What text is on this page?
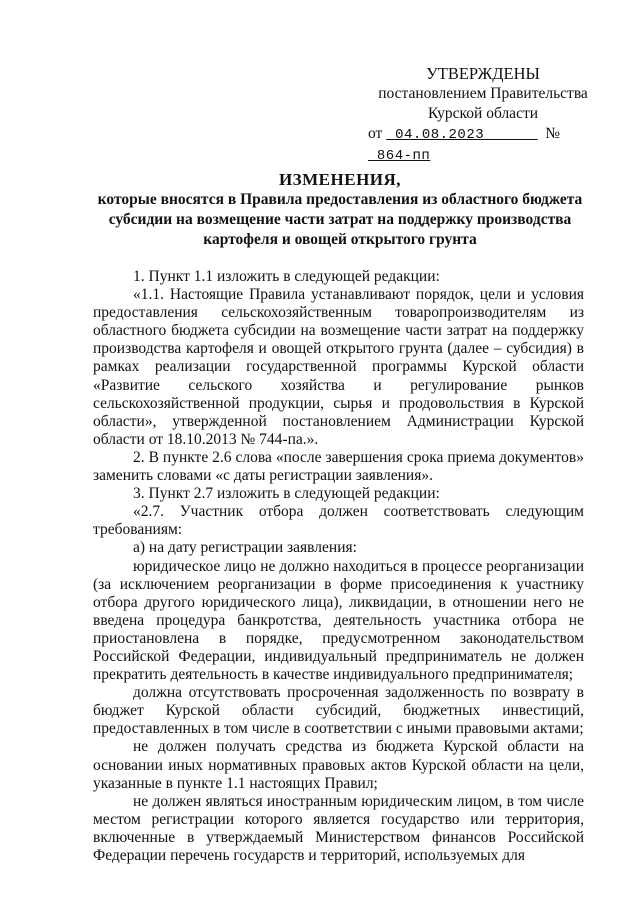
УТВЕРЖДЕНЫ
постановлением Правительства
Курской области
от 04.08.2023	№  864-пп
ИЗМЕНЕНИЯ,
которые вносятся в Правила предоставления из областного бюджета субсидии на возмещение части затрат на поддержку производства картофеля и овощей открытого грунта

1. Пункт 1.1 изложить в следующей редакции:

«1.1. Настоящие Правила устанавливают порядок, цели и условия предоставления сельскохозяйственным товаропроизводителям из областного бюджета субсидии на возмещение части затрат на поддержку производства картофеля и овощей открытого грунта (далее – субсидия) в рамках реализации государственной программы Курской области «Развитие сельского хозяйства и регулирование рынков сельскохозяйственной продукции, сырья и продовольствия в Курской области», утвержденной постановлением Администрации Курской области от 18.10.2013 № 744-па.».

2. В пункте 2.6 слова «после завершения срока приема документов» заменить словами «с даты регистрации заявления».

3. Пункт 2.7 изложить в следующей редакции:

«2.7. Участник отбора должен соответствовать следующим требованиям:

а) на дату регистрации заявления:

юридическое лицо не должно находиться в процессе реорганизации (за исключением реорганизации в форме присоединения к участнику отбора другого юридического лица), ликвидации, в отношении него не введена процедура банкротства, деятельность участника отбора не приостановлена в порядке, предусмотренном законодательством Российской Федерации, индивидуальный предприниматель не должен прекратить деятельность в качестве индивидуального предпринимателя;

должна отсутствовать просроченная задолженность по возврату в бюджет Курской области субсидий, бюджетных инвестиций, предоставленных в том числе в соответствии с иными правовыми актами;

не должен получать средства из бюджета Курской области на основании иных нормативных правовых актов Курской области на цели, указанные в пункте 1.1 настоящих Правил;

не должен являться иностранным юридическим лицом, в том числе местом регистрации которого является государство или территория, включенные в утверждаемый Министерством финансов Российской Федерации перечень государств и территорий, используемых для
